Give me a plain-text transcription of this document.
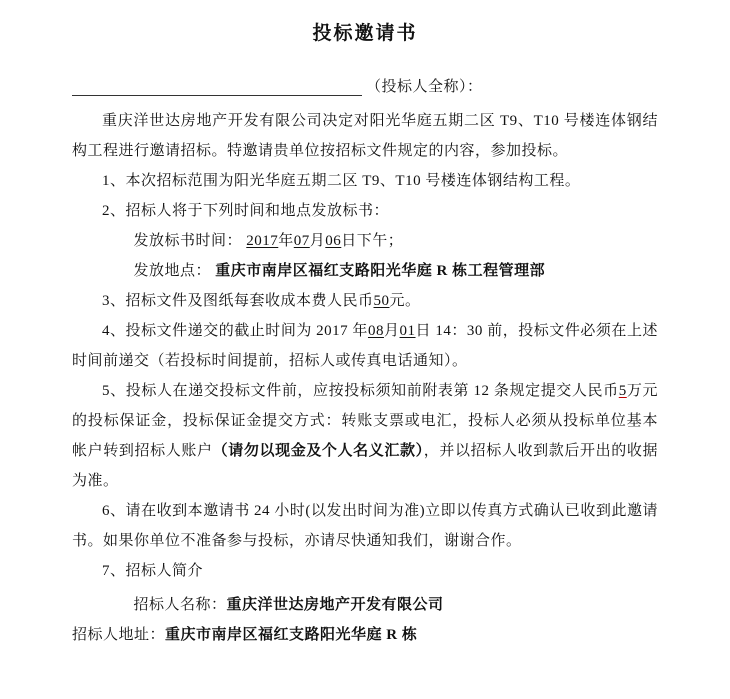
投标邀请书
（投标人全称）：

重庆洋世达房地产开发有限公司决定对阳光华庭五期二区 T9、T10 号楼连体钢结构工程进行邀请招标。特邀请贵单位按招标文件规定的内容，参加投标。

1、本次招标范围为阳光华庭五期二区 T9、T10 号楼连体钢结构工程。

2、招标人将于下列时间和地点发放标书：

发放标书时间： 2017年07月06日下午；

发放地点： 重庆市南岸区福红支路阳光华庭 R 栋工程管理部

3、招标文件及图纸每套收成本费人民币50元。

4、投标文件递交的截止时间为 2017 年08月01日 14：30 前，投标文件必须在上述时间前递交（若投标时间提前，招标人或传真电话通知）。

5、投标人在递交投标文件前，应按投标须知前附表第 12 条规定提交人民币5万元的投标保证金，投标保证金提交方式：转账支票或电汇，投标人必须从投标单位基本帐户转到招标人账户（请勿以现金及个人名义汇款），并以招标人收到款后开出的收据为准。

6、请在收到本邀请书 24 小时(以发出时间为准)立即以传真方式确认已收到此邀请书。如果你单位不准备参与投标，亦请尽快通知我们，谢谢合作。

7、招标人简介

招标人名称：重庆洋世达房地产开发有限公司

招标人地址：重庆市南岸区福红支路阳光华庭 R 栋
